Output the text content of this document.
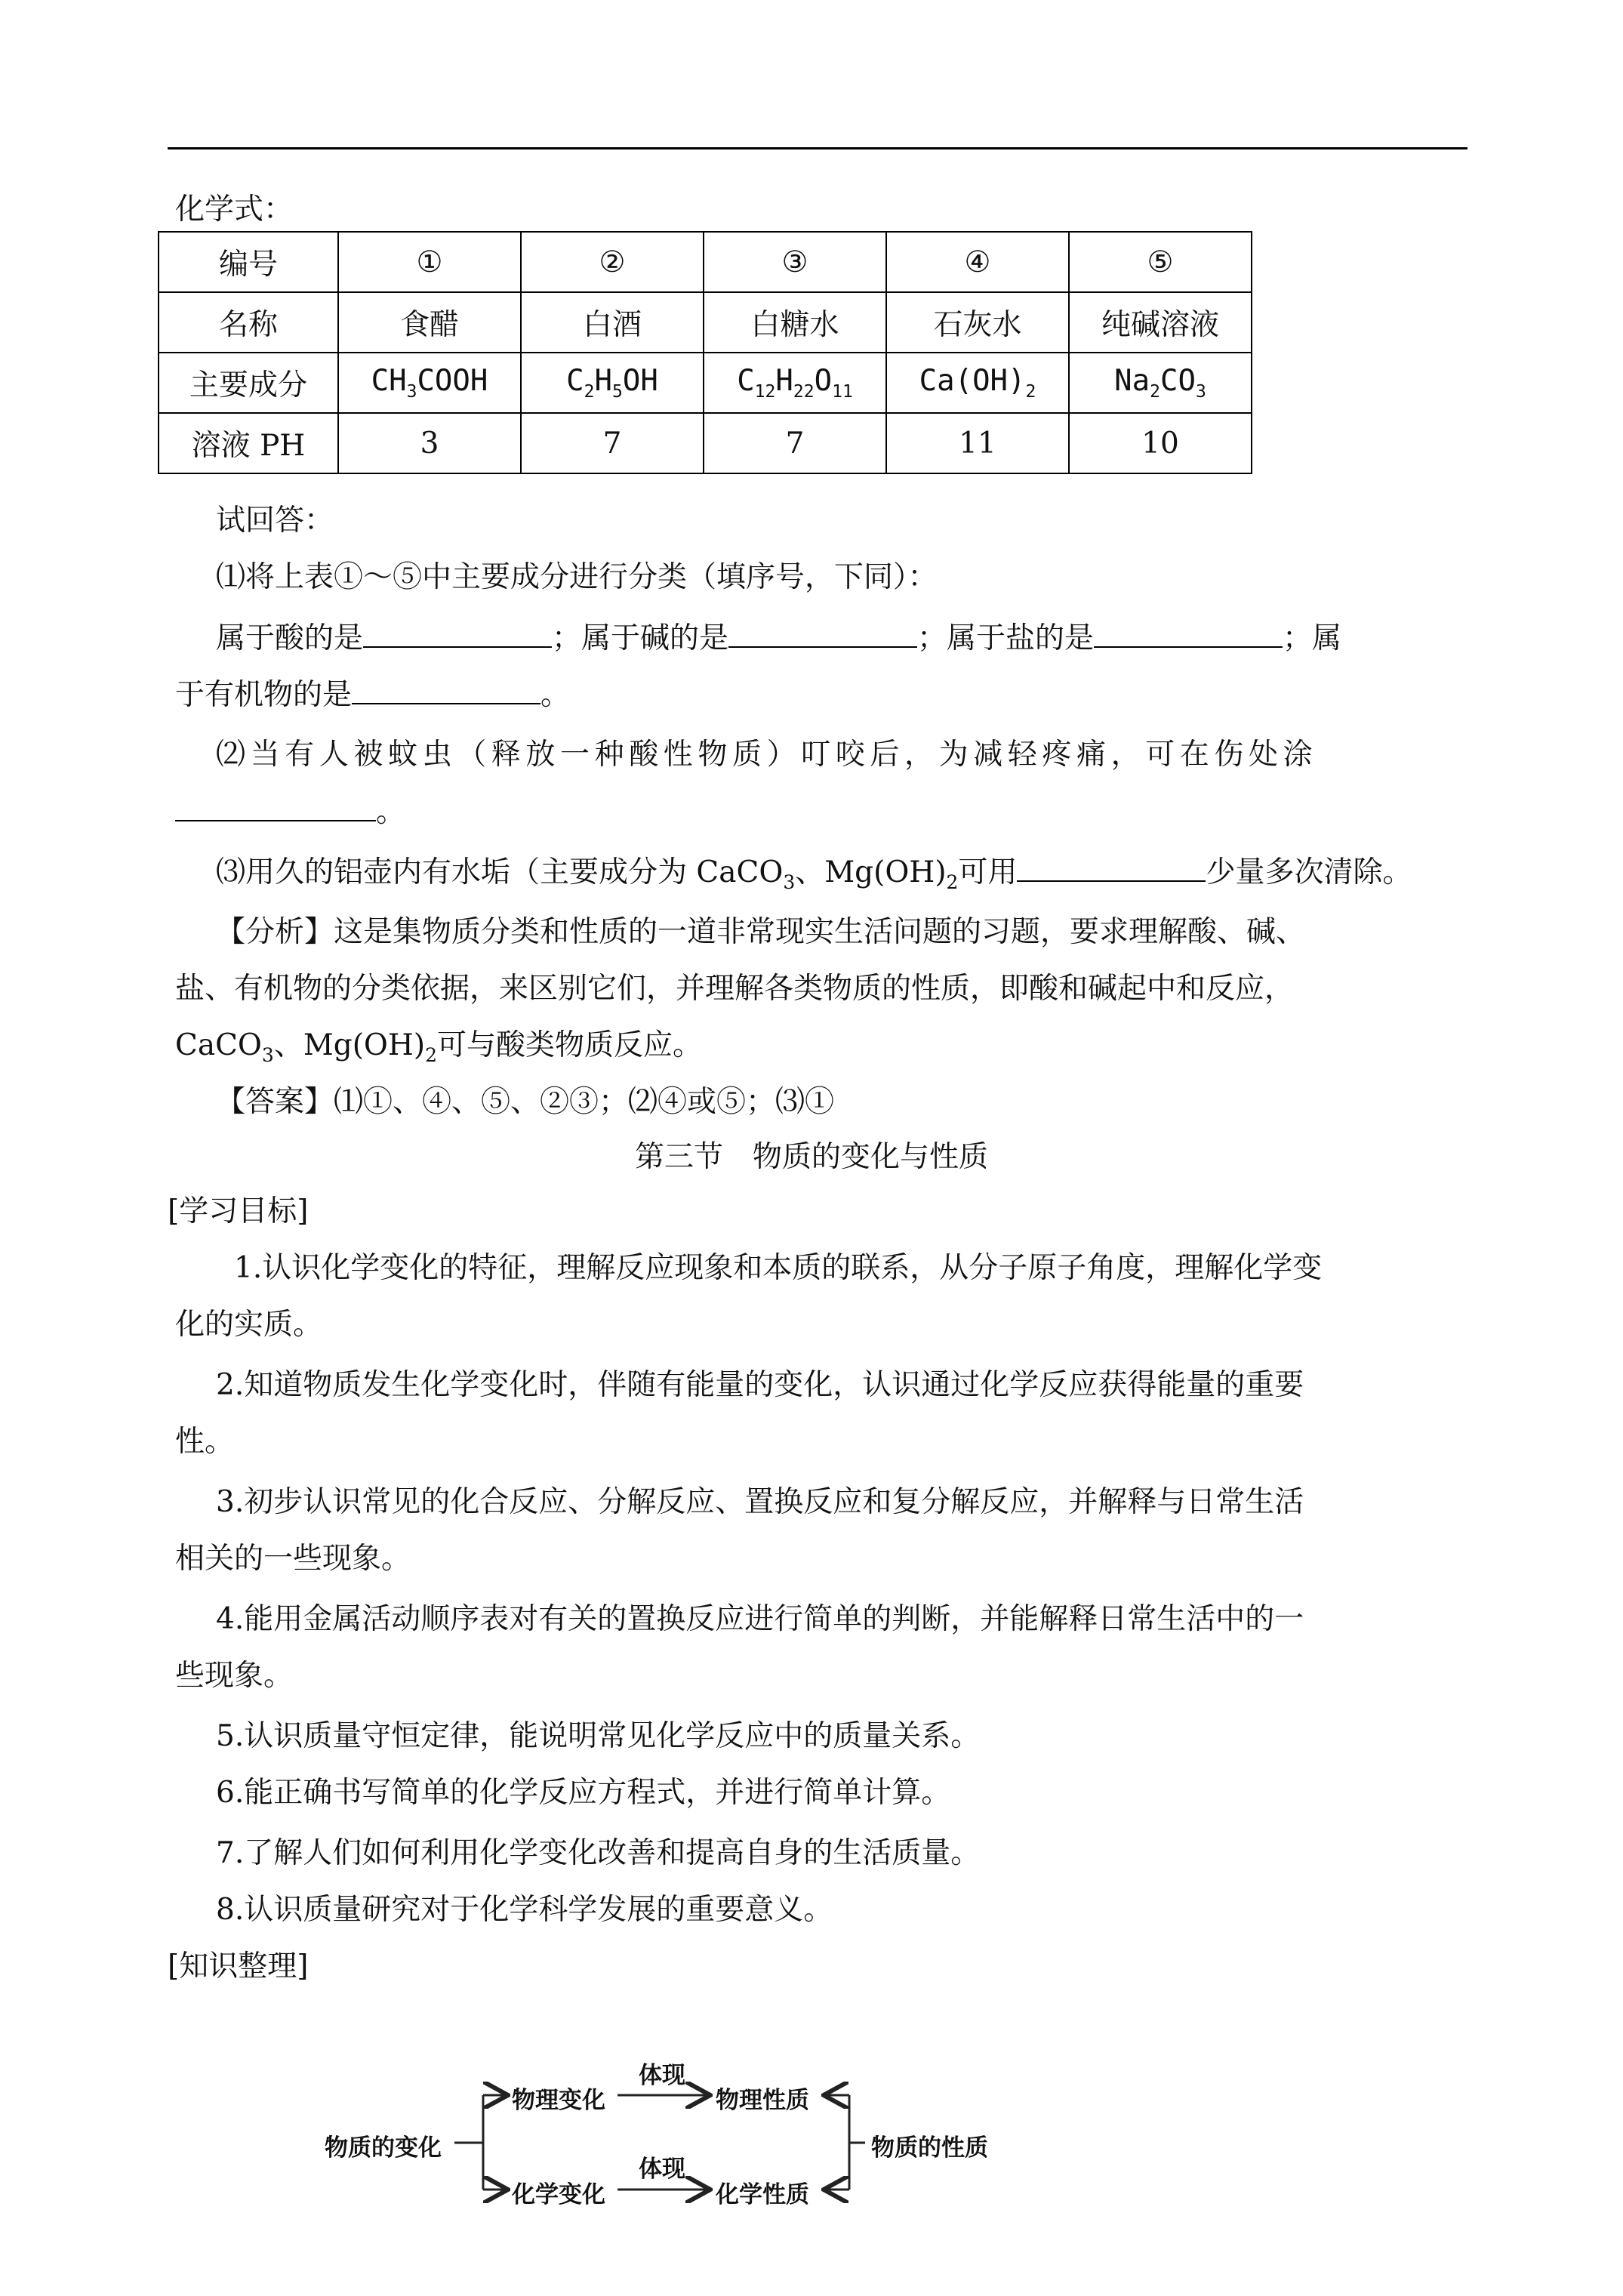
化学式：
编号	①	②	③	④	⑤
名称	食醋	白酒	白糖水	石灰水	纯碱溶液
主要成分	$CH_3COOH$	$C_2H_5OH$	$C_{12}H_{22}O_{11}$	$Ca(OH)_2$	$Na_2CO_3$
溶液 PH	3	7	7	11	10
试回答：
⑴将上表①～⑤中主要成分进行分类（填序号，下同）：
属于酸的是	；属于碱的是	；属于盐的是	；属
于有机物的是	。
⑵当有人被蚊虫（释放一种酸性物质）叮咬后，为减轻疼痛，可在伤处涂
。
⑶用久的铝壶内有水垢（主要成分为 CaCO$_3$、$Mg(OH)_2$可用	少量多次清除。
【分析】这是集物质分类和性质的一道非常现实生活问题的习题，要求理解酸、碱、
盐、有机物的分类依据，来区别它们，并理解各类物质的性质，即酸和碱起中和反应，
CaCO$_3$、$Mg(OH)_2$可与酸类物质反应。
【答案】⑴①、④、⑤、②③；⑵④或⑤；⑶①
第三节　物质的变化与性质
[学习目标]
1.认识化学变化的特征，理解反应现象和本质的联系，从分子原子角度，理解化学变
化的实质。
2.知道物质发生化学变化时，伴随有能量的变化，认识通过化学反应获得能量的重要
性。
3.初步认识常见的化合反应、分解反应、置换反应和复分解反应，并解释与日常生活
相关的一些现象。
4.能用金属活动顺序表对有关的置换反应进行简单的判断，并能解释日常生活中的一
些现象。
5.认识质量守恒定律，能说明常见化学反应中的质量关系。
6.能正确书写简单的化学反应方程式，并进行简单计算。
7.了解人们如何利用化学变化改善和提高自身的生活质量。
8.认识质量研究对于化学科学发展的重要意义。
[知识整理]
物质的变化
物理变化
体现
物理性质
化学变化
体现
化学性质
物质的性质
